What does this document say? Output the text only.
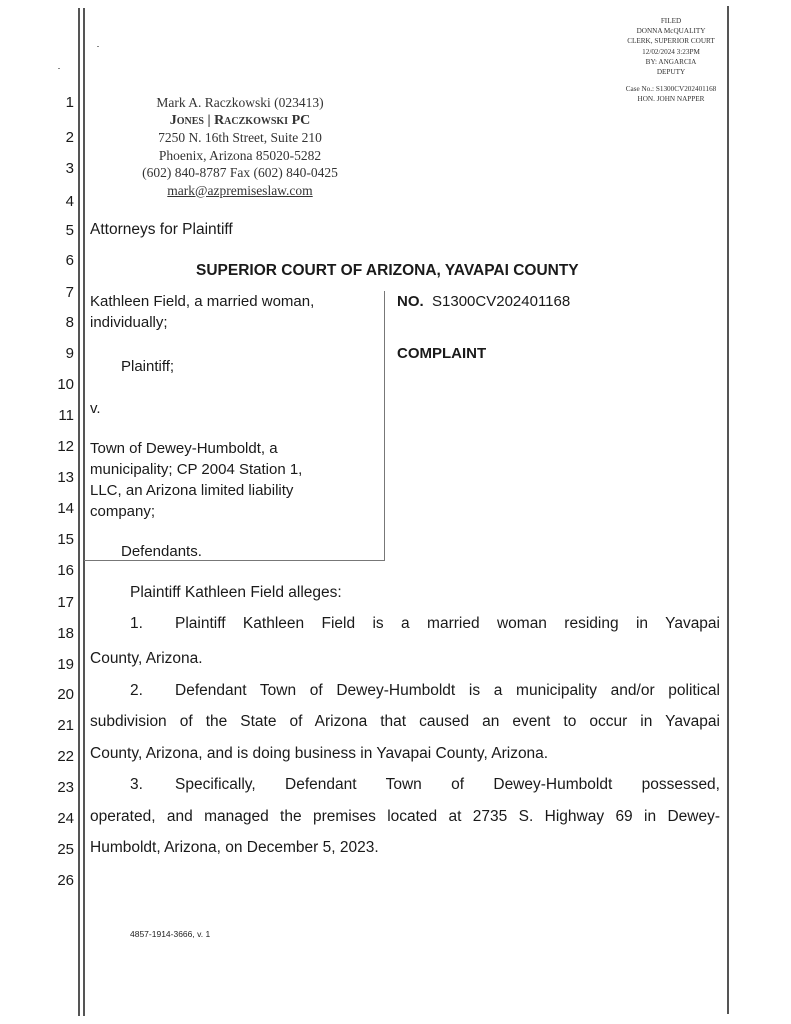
FILED
DONNA McQUALITY
CLERK, SUPERIOR COURT
12/02/2024 3:23PM
BY: ANGARCIA
DEPUTY
Case No.: S1300CV202401168
HON. JOHN NAPPER
1
2
3
4
5
6
7
8
9
10
11
12
13
14
15
16
17
18
19
20
21
22
23
24
25
26
Mark A. Raczkowski (023413)
Jones | Raczkowski PC
7250 N. 16th Street, Suite 210
Phoenix, Arizona 85020-5282
(602) 840-8787 Fax (602) 840-0425
mark@azpremiseslaw.com
Attorneys for Plaintiff
SUPERIOR COURT OF ARIZONA, YAVAPAI COUNTY
Kathleen Field, a married woman,
individually;
Plaintiff;
v.
Town of Dewey-Humboldt, a
municipality; CP 2004 Station 1,
LLC, an Arizona limited liability
company;
Defendants.
NO. S1300CV202401168
COMPLAINT
Plaintiff Kathleen Field alleges:
1. Plaintiff Kathleen Field is a married woman residing in Yavapai
County, Arizona.
2. Defendant Town of Dewey-Humboldt is a municipality and/or political
subdivision of the State of Arizona that caused an event to occur in Yavapai
County, Arizona, and is doing business in Yavapai County, Arizona.
3. Specifically, Defendant Town of Dewey-Humboldt possessed,
operated, and managed the premises located at 2735 S. Highway 69 in Dewey-
Humboldt, Arizona, on December 5, 2023.
4857-1914-3666, v. 1
